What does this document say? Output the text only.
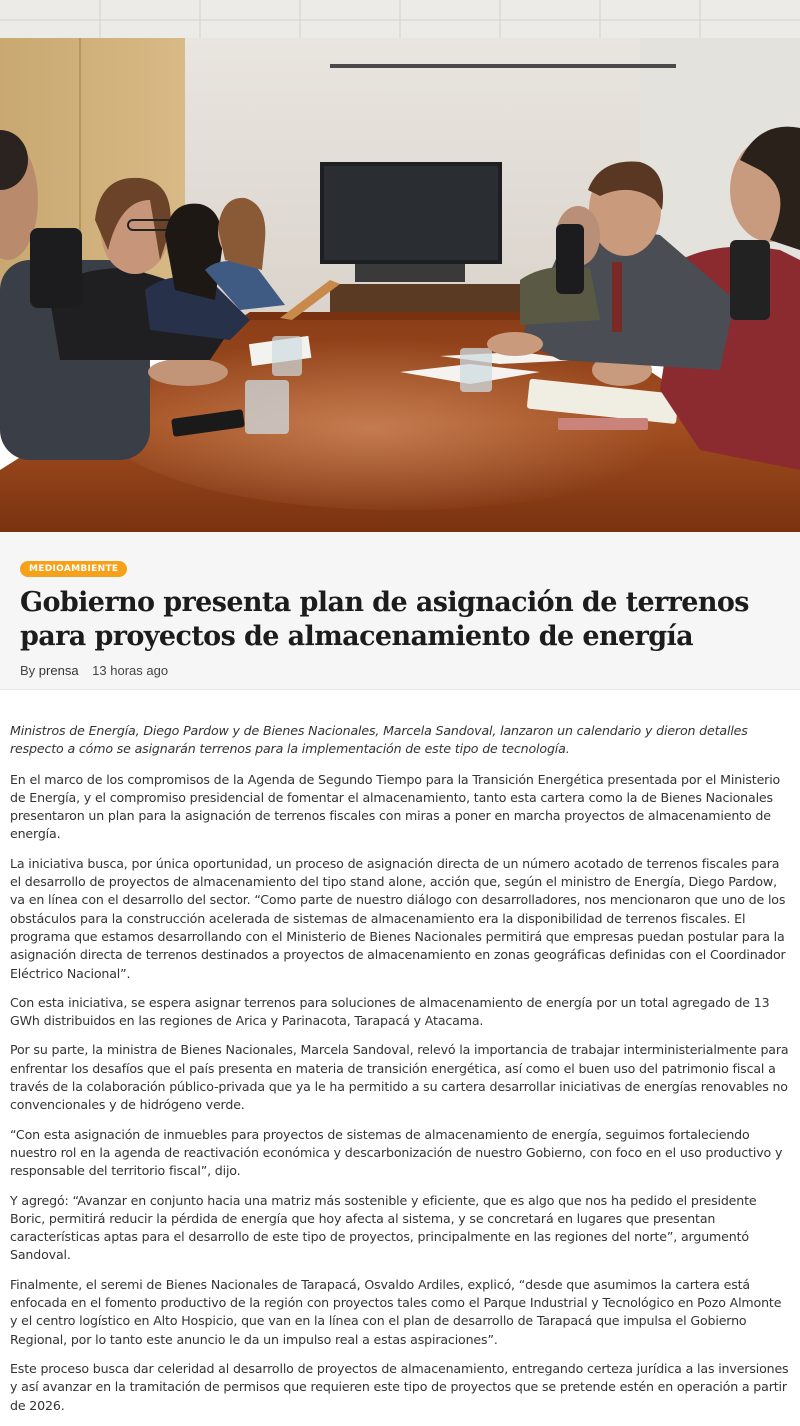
MEDIOAMBIENTE
Gobierno presenta plan de asignación de terrenos para proyectos de almacenamiento de energía
By prensa 13 horas ago

Ministros de Energía, Diego Pardow y de Bienes Nacionales, Marcela Sandoval, lanzaron un calendario y dieron detalles respecto a cómo se asignarán terrenos para la implementación de este tipo de tecnología.

En el marco de los compromisos de la Agenda de Segundo Tiempo para la Transición Energética presentada por el Ministerio de Energía, y el compromiso presidencial de fomentar el almacenamiento, tanto esta cartera como la de Bienes Nacionales presentaron un plan para la asignación de terrenos fiscales con miras a poner en marcha proyectos de almacenamiento de energía.

La iniciativa busca, por única oportunidad, un proceso de asignación directa de un número acotado de terrenos fiscales para el desarrollo de proyectos de almacenamiento del tipo stand alone, acción que, según el ministro de Energía, Diego Pardow, va en línea con el desarrollo del sector. “Como parte de nuestro diálogo con desarrolladores, nos mencionaron que uno de los obstáculos para la construcción acelerada de sistemas de almacenamiento era la disponibilidad de terrenos fiscales. El programa que estamos desarrollando con el Ministerio de Bienes Nacionales permitirá que empresas puedan postular para la asignación directa de terrenos destinados a proyectos de almacenamiento en zonas geográficas definidas con el Coordinador Eléctrico Nacional”.

Con esta iniciativa, se espera asignar terrenos para soluciones de almacenamiento de energía por un total agregado de 13 GWh distribuidos en las regiones de Arica y Parinacota, Tarapacá y Atacama.

Por su parte, la ministra de Bienes Nacionales, Marcela Sandoval, relevó la importancia de trabajar interministerialmente para enfrentar los desafíos que el país presenta en materia de transición energética, así como el buen uso del patrimonio fiscal a través de la colaboración público-privada que ya le ha permitido a su cartera desarrollar iniciativas de energías renovables no convencionales y de hidrógeno verde.

“Con esta asignación de inmuebles para proyectos de sistemas de almacenamiento de energía, seguimos fortaleciendo nuestro rol en la agenda de reactivación económica y descarbonización de nuestro Gobierno, con foco en el uso productivo y responsable del territorio fiscal”, dijo.

Y agregó: “Avanzar en conjunto hacia una matriz más sostenible y eficiente, que es algo que nos ha pedido el presidente Boric, permitirá reducir la pérdida de energía que hoy afecta al sistema, y se concretará en lugares que presentan características aptas para el desarrollo de este tipo de proyectos, principalmente en las regiones del norte”, argumentó Sandoval.

Finalmente, el seremi de Bienes Nacionales de Tarapacá, Osvaldo Ardiles, explicó, “desde que asumimos la cartera está enfocada en el fomento productivo de la región con proyectos tales como el Parque Industrial y Tecnológico en Pozo Almonte y el centro logístico en Alto Hospicio, que van en la línea con el plan de desarrollo de Tarapacá que impulsa el Gobierno Regional, por lo tanto este anuncio le da un impulso real a estas aspiraciones”.

Este proceso busca dar celeridad al desarrollo de proyectos de almacenamiento, entregando certeza jurídica a las inversiones y así avanzar en la tramitación de permisos que requieren este tipo de proyectos que se pretende estén en operación a partir de 2026.
